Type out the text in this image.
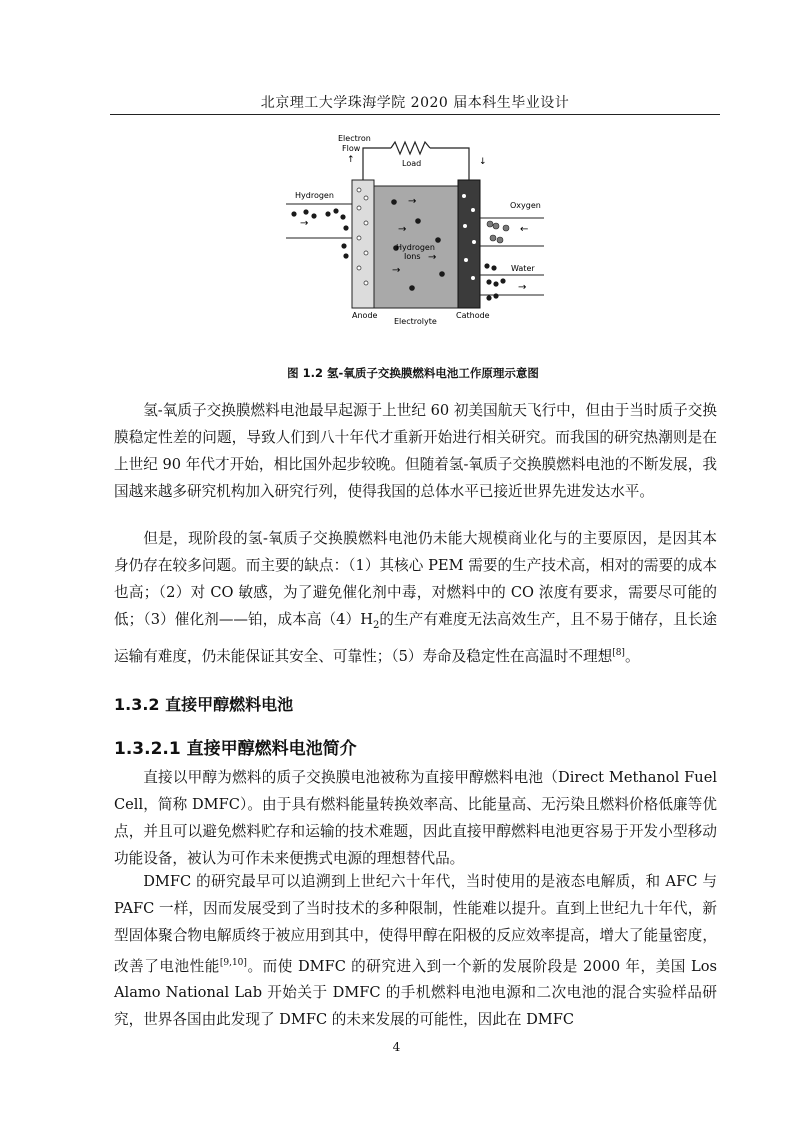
北京理工大学珠海学院 2020 届本科生毕业设计
Load
Electron
Flow
↑	↓
Hydrogen
→
→
→
→
→
Hydrogen
Ions
Oxygen
←
Water
→
Anode
Electrolyte
Cathode
图 1.2 氢-氧质子交换膜燃料电池工作原理示意图

氢-氧质子交换膜燃料电池最早起源于上世纪 60 初美国航天飞行中，但由于当时质子交换膜稳定性差的问题，导致人们到八十年代才重新开始进行相关研究。而我国的研究热潮则是在上世纪 90 年代才开始，相比国外起步较晚。但随着氢-氧质子交换膜燃料电池的不断发展，我国越来越多研究机构加入研究行列，使得我国的总体水平已接近世界先进发达水平。

但是，现阶段的氢-氧质子交换膜燃料电池仍未能大规模商业化与的主要原因，是因其本身仍存在较多问题。而主要的缺点：（1）其核心 PEM 需要的生产技术高，相对的需要的成本也高；（2）对 CO 敏感，为了避免催化剂中毒，对燃料中的 CO 浓度有要求，需要尽可能的低；（3）催化剂——铂，成本高$(4)H_2$的生产有难度无法高效生产，且不易于储存，且长途运输有难度，仍未能保证其安全、可靠性；（5）寿命及稳定性在高温时不理想[8]。

1.3.2 直接甲醇燃料电池
1.3.2.1 直接甲醇燃料电池简介

直接以甲醇为燃料的质子交换膜电池被称为直接甲醇燃料电池（Direct Methanol Fuel Cell，简称 DMFC）。由于具有燃料能量转换效率高、比能量高、无污染且燃料价格低廉等优点，并且可以避免燃料贮存和运输的技术难题，因此直接甲醇燃料电池更容易于开发小型移动功能设备，被认为可作未来便携式电源的理想替代品。

DMFC 的研究最早可以追溯到上世纪六十年代，当时使用的是液态电解质，和 AFC 与 PAFC 一样，因而发展受到了当时技术的多种限制，性能难以提升。直到上世纪九十年代，新型固体聚合物电解质终于被应用到其中，使得甲醇在阳极的反应效率提高，增大了能量密度，改善了电池性能[9,10]。而使 DMFC 的研究进入到一个新的发展阶段是 2000 年，美国 Los Alamo National Lab 开始关于 DMFC 的手机燃料电池电源和二次电池的混合实验样品研究，世界各国由此发现了 DMFC 的未来发展的可能性，因此在 DMFC

4
